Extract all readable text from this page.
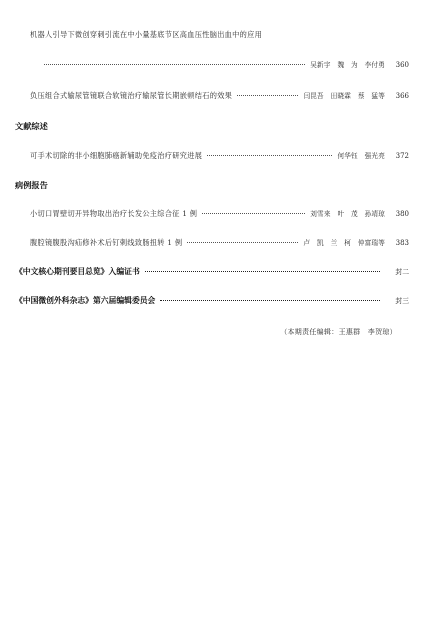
机器人引导下微创穿刺引流在中小量基底节区高血压性脑出血中的应用
吴新宇　魏　为　李付勇	360
负压组合式输尿管镜联合软镜治疗输尿管长期嵌顿结石的效果	闫昆吾　田晓霖　蔡　猛等	366
文献综述
可手术切除的非小细胞肺癌新辅助免疫治疗研究进展	何华钰　强光亮	372
病例报告
小切口胃壁切开异物取出治疗长发公主综合征 1 例	刘雪来　叶　茂　孙靖琼	380
腹腔镜腹股沟疝修补术后钉剌线致肠扭转 1 例	卢　凯　兰　柯　仲富瑞等	383
《中文核心期刊要目总览》入编证书	封二
《中国微创外科杂志》第六届编辑委员会	封三
（本期责任编辑：王惠群　李贺琼）
